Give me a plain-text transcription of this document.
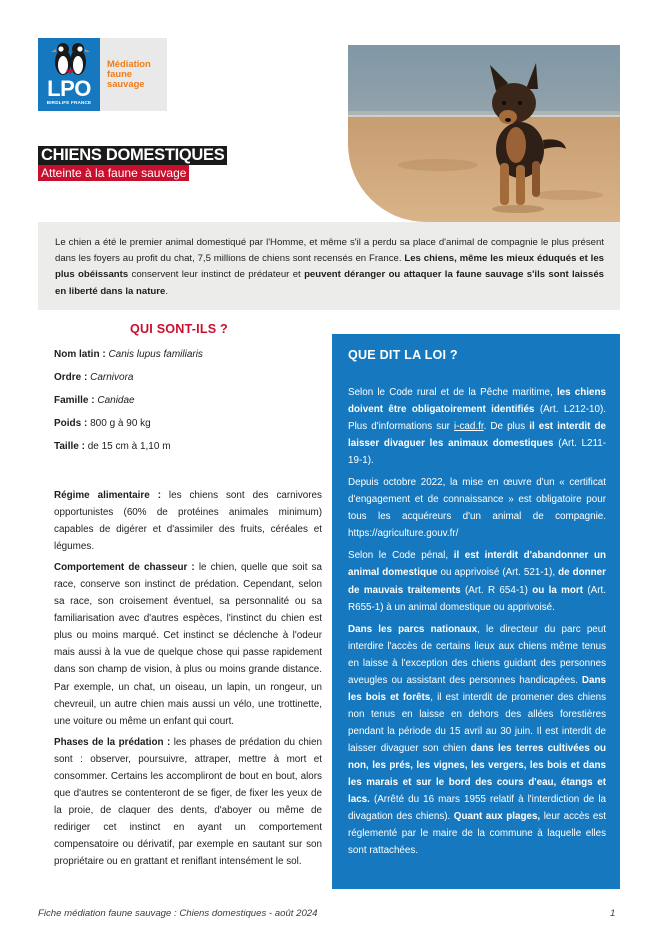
LPO
BIRDLIFE FRANCE
Médiation
faune
sauvage
CHIENS DOMESTIQUES
Atteinte à la faune sauvage
Le chien a été le premier animal domestiqué par l'Homme, et même s'il a perdu sa place d'animal de compagnie le plus présent dans les foyers au profit du chat, 7,5 millions de chiens sont recensés en France. Les chiens, même les mieux éduqués et les plus obéissants conservent leur instinct de prédateur et peuvent déranger ou attaquer la faune sauvage s'ils sont laissés en liberté dans la nature.
QUI SONT-ILS ?
Nom latin : Canis lupus familiaris
Ordre : Carnivora
Famille : Canidae
Poids : 800 g à 90 kg
Taille : de 15 cm à 1,10 m

Régime alimentaire : les chiens sont des carnivores opportunistes (60% de protéines animales minimum) capables de digérer et d'assimiler des fruits, céréales et légumes.

Comportement de chasseur : le chien, quelle que soit sa race, conserve son instinct de prédation. Cependant, selon sa race, son croisement éventuel, sa personnalité ou sa familiarisation avec d'autres espèces, l'instinct du chien est plus ou moins marqué. Cet instinct se déclenche à l'odeur mais aussi à la vue de quelque chose qui passe rapidement dans son champ de vision, à plus ou moins grande distance. Par exemple, un chat, un oiseau, un lapin, un rongeur, un chevreuil, un autre chien mais aussi un vélo, une trottinette, une voiture ou même un enfant qui court.

Phases de la prédation : les phases de prédation du chien sont : observer, poursuivre, attraper, mettre à mort et consommer. Certains les accompliront de bout en bout, alors que d'autres se contenteront de se figer, de fixer les yeux de la proie, de claquer des dents, d'aboyer ou même de rediriger cet instinct en ayant un comportement compensatoire ou dérivatif, par exemple en sautant sur son propriétaire ou en grattant et reniflant intensément le sol.

QUE DIT LA LOI ?

Selon le Code rural et de la Pêche maritime, les chiens doivent être obligatoirement identifiés (Art. L212-10). Plus d'informations sur i-cad.fr. De plus il est interdit de laisser divaguer les animaux domestiques (Art. L211-19-1).

Depuis octobre 2022, la mise en œuvre d'un « certificat d'engagement et de connaissance » est obligatoire pour tous les acquéreurs d'un animal de compagnie. https://agriculture.gouv.fr/

Selon le Code pénal, il est interdit d'abandonner un animal domestique ou apprivoisé (Art. 521-1), de donner de mauvais traitements (Art. R 654-1) ou la mort (Art. R655-1) à un animal domestique ou apprivoisé.

Dans les parcs nationaux, le directeur du parc peut interdire l'accès de certains lieux aux chiens même tenus en laisse à l'exception des chiens guidant des personnes aveugles ou assistant des personnes handicapées. Dans les bois et forêts, il est interdit de promener des chiens non tenus en laisse en dehors des allées forestières pendant la période du 15 avril au 30 juin. Il est interdit de laisser divaguer son chien dans les terres cultivées ou non, les prés, les vignes, les vergers, les bois et dans les marais et sur le bord des cours d'eau, étangs et lacs. (Arrêté du 16 mars 1955 relatif à l'interdiction de la divagation des chiens). Quant aux plages, leur accès est réglementé par le maire de la commune à laquelle elles sont rattachées.

Fiche médiation faune sauvage : Chiens domestiques - août 2024	1
